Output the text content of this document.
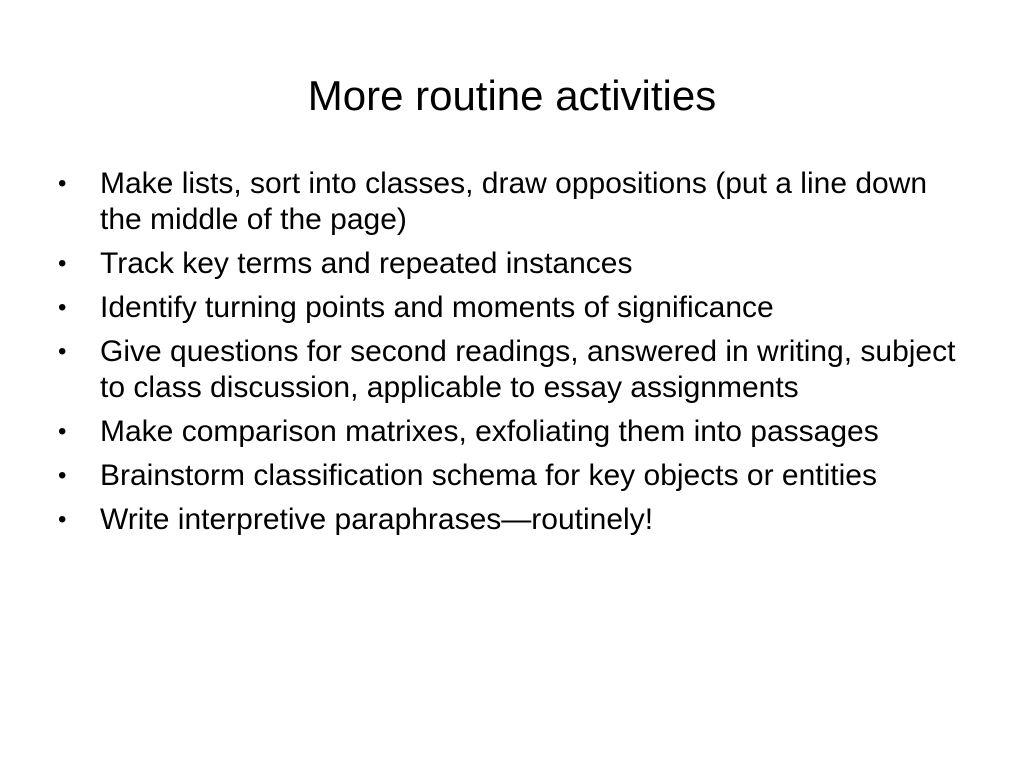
More routine activities
•	Make lists, sort into classes, draw oppositions (put a line down the middle of the page)
•	Track key terms and repeated instances
•	Identify turning points and moments of significance
•	Give questions for second readings, answered in writing, subject to class discussion, applicable to essay assignments
•	Make comparison matrixes, exfoliating them into passages
•	Brainstorm classification schema for key objects or entities
•	Write interpretive paraphrases—routinely!
